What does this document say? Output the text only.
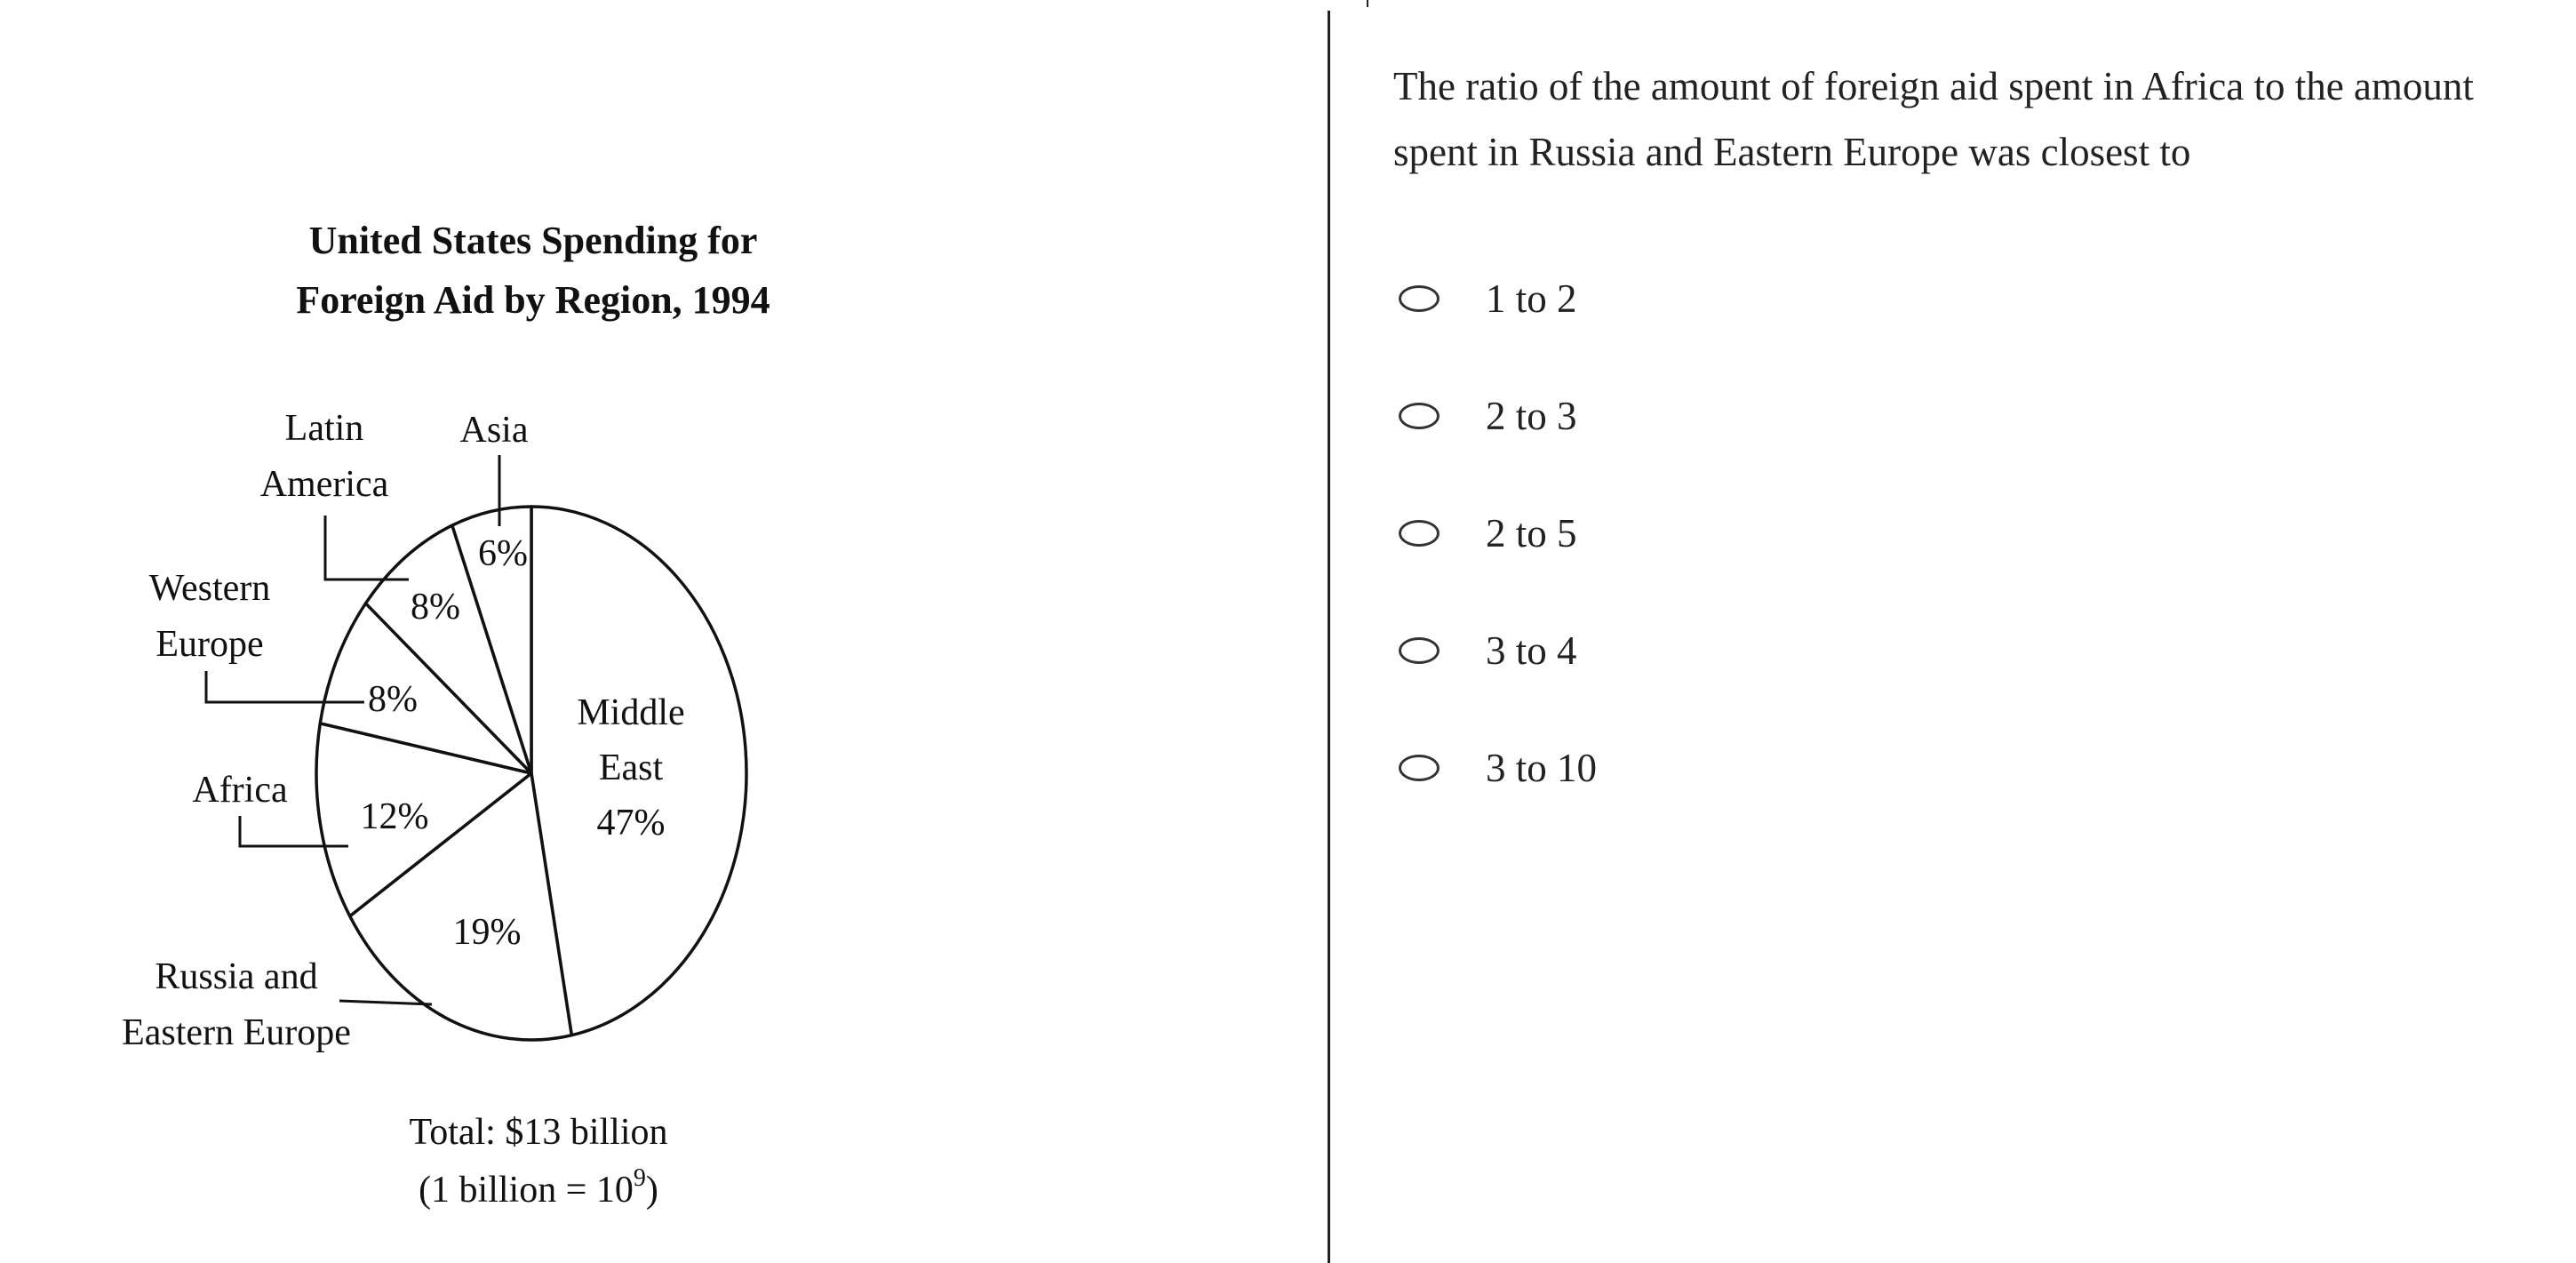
United States Spending for
Foreign Aid by Region, 1994
Middle
East
47%
19%
12%
8%
8%
6%
Latin
America
Asia
Western
Europe
Africa
Russia and
Eastern Europe
Total: $13 billion
(1 billion = $10^9$)

The ratio of the amount of foreign aid spent in Africa to the amount spent in Russia and Eastern Europe was closest to

1 to 2
2 to 3
2 to 5
3 to 4
3 to 10
